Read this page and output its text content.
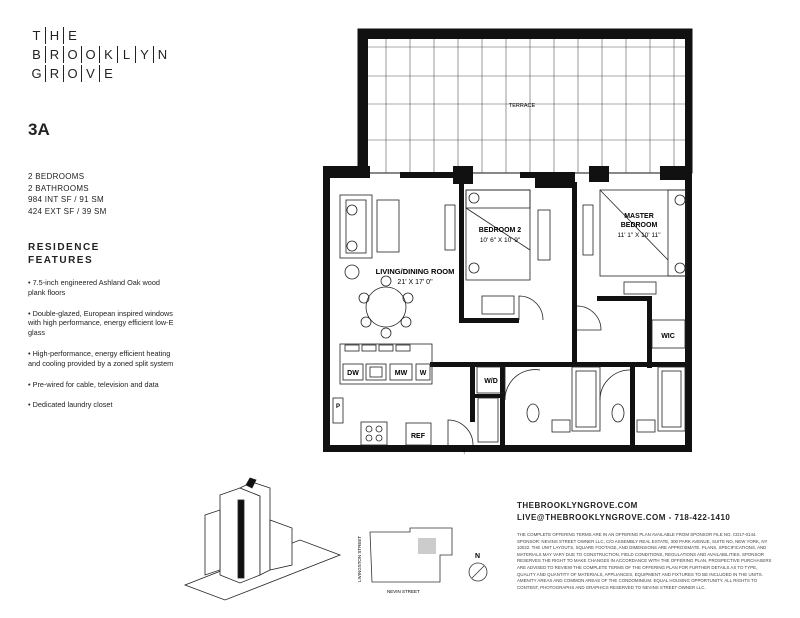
T H E
B R O O K L Y N
G R O V E
3A
2 BEDROOMS
2 BATHROOMS
984 INT SF / 91 SM
424 EXT SF / 39 SM
RESIDENCE
FEATURES
• 7.5-inch engineered Ashland Oak wood plank floors
• Double-glazed, European inspired windows with high performance, energy efficient low-E glass
• High-performance, energy efficient heating and cooling provided by a zoned split system
• Pre-wired for cable, television and data
• Dedicated laundry closet
TERRACE
LIVING/DINING ROOM
21' X 17' 0"
DW	MW W
P
REF
↑
BEDROOM 2
10' 6" X 10' 9"
MASTER
BEDROOM
11' 1" X 10' 11"
WIC
W/D
LIVINGSTON STREET
NEVIN STREET
N
THEBROOKLYNGROVE.COM
LIVE@THEBROOKLYNGROVE.COM - 718-422-1410
THE COMPLETE OFFERING TERMS ARE IN AN OFFERING PLAN AVAILABLE FROM SPONSOR FILE NO. CD17-0144. SPONSOR: NEVINS STREET OWNER LLC, C/O ASSEMBLY REAL ESTATE, 300 PARK AVENUE, SUITE NO, NEW YORK, NY 10022. THE UNIT LAYOUTS, SQUARE FOOTAGE, AND DIMENSIONS ARE APPROXIMATE. PLANS, SPECIFICATIONS, AND MATERIALS MAY VARY DUE TO CONSTRUCTION, FIELD CONDITIONS, REGULATIONS AND AVAILABILITIES. SPONSOR RESERVES THE RIGHT TO MAKE CHANGES IN ACCORDANCE WITH THE OFFERING PLAN. PROSPECTIVE PURCHASERS ARE ADVISED TO REVIEW THE COMPLETE TERMS OF THE OFFERING PLAN FOR FURTHER DETAILS AS TO TYPE, QUALITY AND QUANTITY OF MATERIALS, APPLIANCES, EQUIPMENT AND FIXTURES TO BE INCLUDED IN THE UNITS. AMENITY AREAS AND COMMON AREAS OF THE CONDOMINIUM. EQUAL HOUSING OPPORTUNITY. ALL RIGHTS TO CONTENT, PHOTOGRAPHS AND GRAPHICS RESERVED TO NEVINS STREET OWNER LLC.
